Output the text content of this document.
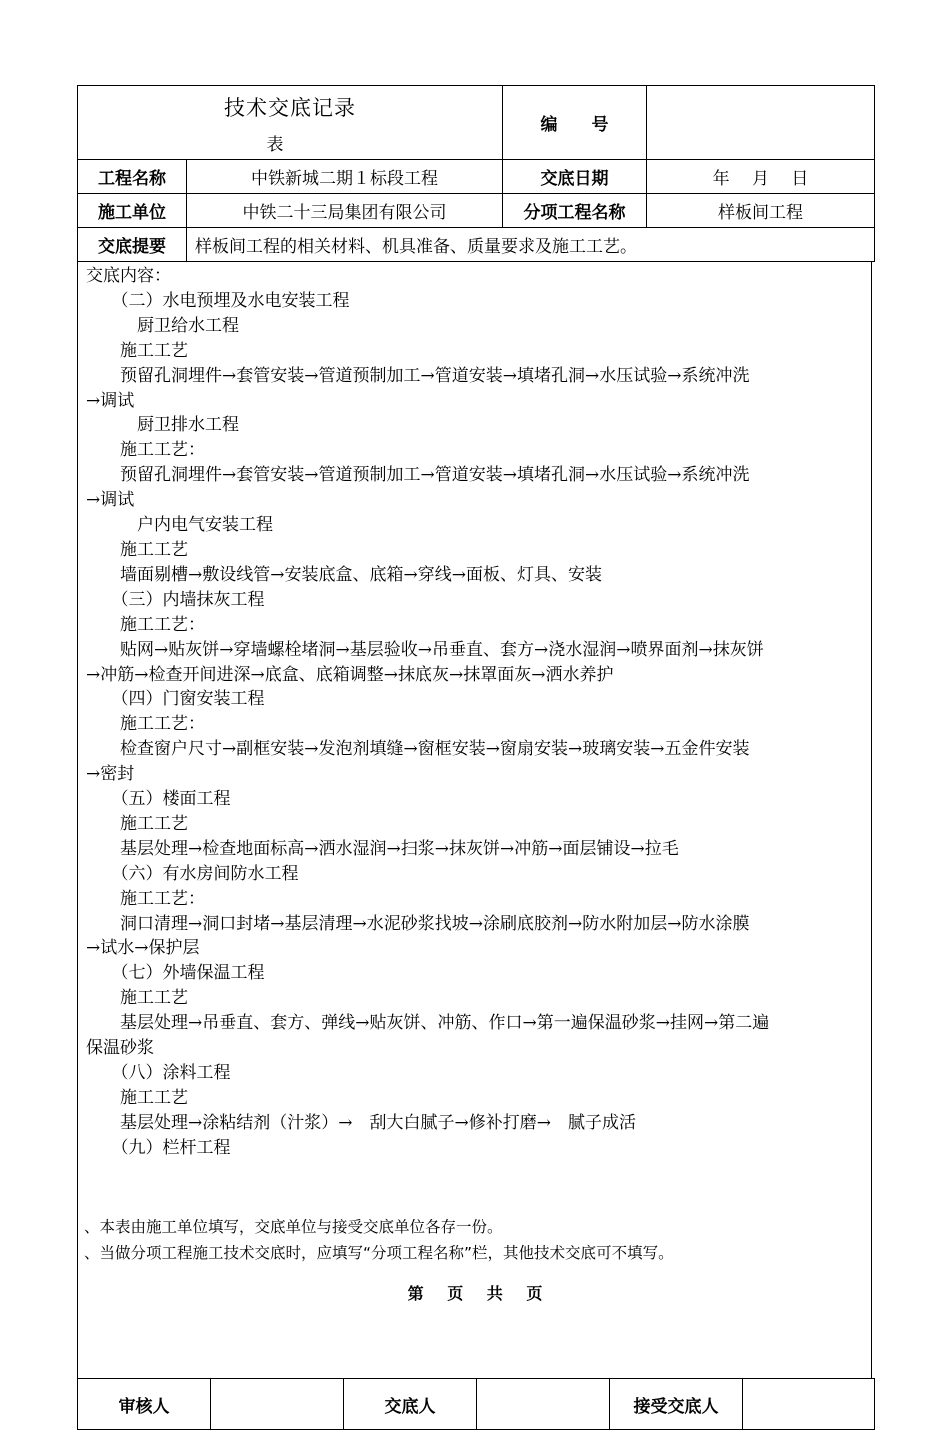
技术交底记录
表		编　　号	
工程名称	中铁新城二期１标段工程	交底日期	年　 月　 日
施工单位	中铁二十三局集团有限公司	分项工程名称	样板间工程
交底提要	样板间工程的相关材料、机具准备、质量要求及施工工艺。		
交底内容：
　　（二）水电预埋及水电安装工程
　　　厨卫给水工程
　　施工工艺
　　预留孔洞埋件→套管安装→管道预制加工→管道安装→填堵孔洞→水压试验→系统冲洗
→调试
　　　厨卫排水工程
　　施工工艺：
　　预留孔洞埋件→套管安装→管道预制加工→管道安装→填堵孔洞→水压试验→系统冲洗
→调试
　　　户内电气安装工程
　　施工工艺
　　墙面剔槽→敷设线管→安装底盒、底箱→穿线→面板、灯具、安装
　　（三）内墙抹灰工程
　　施工工艺：
　　贴网→贴灰饼→穿墙螺栓堵洞→基层验收→吊垂直、套方→浇水湿润→喷界面剂→抹灰饼
→冲筋→检查开间进深→底盒、底箱调整→抹底灰→抹罩面灰→洒水养护
　　（四）门窗安装工程
　　施工工艺：
　　检查窗户尺寸→副框安装→发泡剂填缝→窗框安装→窗扇安装→玻璃安装→五金件安装
→密封
　　（五）楼面工程
　　施工工艺
　　基层处理→检查地面标高→洒水湿润→扫浆→抹灰饼→冲筋→面层铺设→拉毛
　　（六）有水房间防水工程
　　施工工艺：
　　洞口清理→洞口封堵→基层清理→水泥砂浆找坡→涂刷底胶剂→防水附加层→防水涂膜
→试水→保护层
　　（七）外墙保温工程
　　施工工艺
　　基层处理→吊垂直、套方、弹线→贴灰饼、冲筋、作口→第一遍保温砂浆→挂网→第二遍
保温砂浆
　　（八）涂料工程
　　施工工艺
　　基层处理→涂粘结剂（汁浆）→　刮大白腻子→修补打磨→　腻子成活
　　（九）栏杆工程
审核人		交底人		接受交底人	
、本表由施工单位填写，交底单位与接受交底单位各存一份。
、当做分项工程施工技术交底时，应填写“分项工程名称”栏，其他技术交底可不填写。
第 页 共 页
